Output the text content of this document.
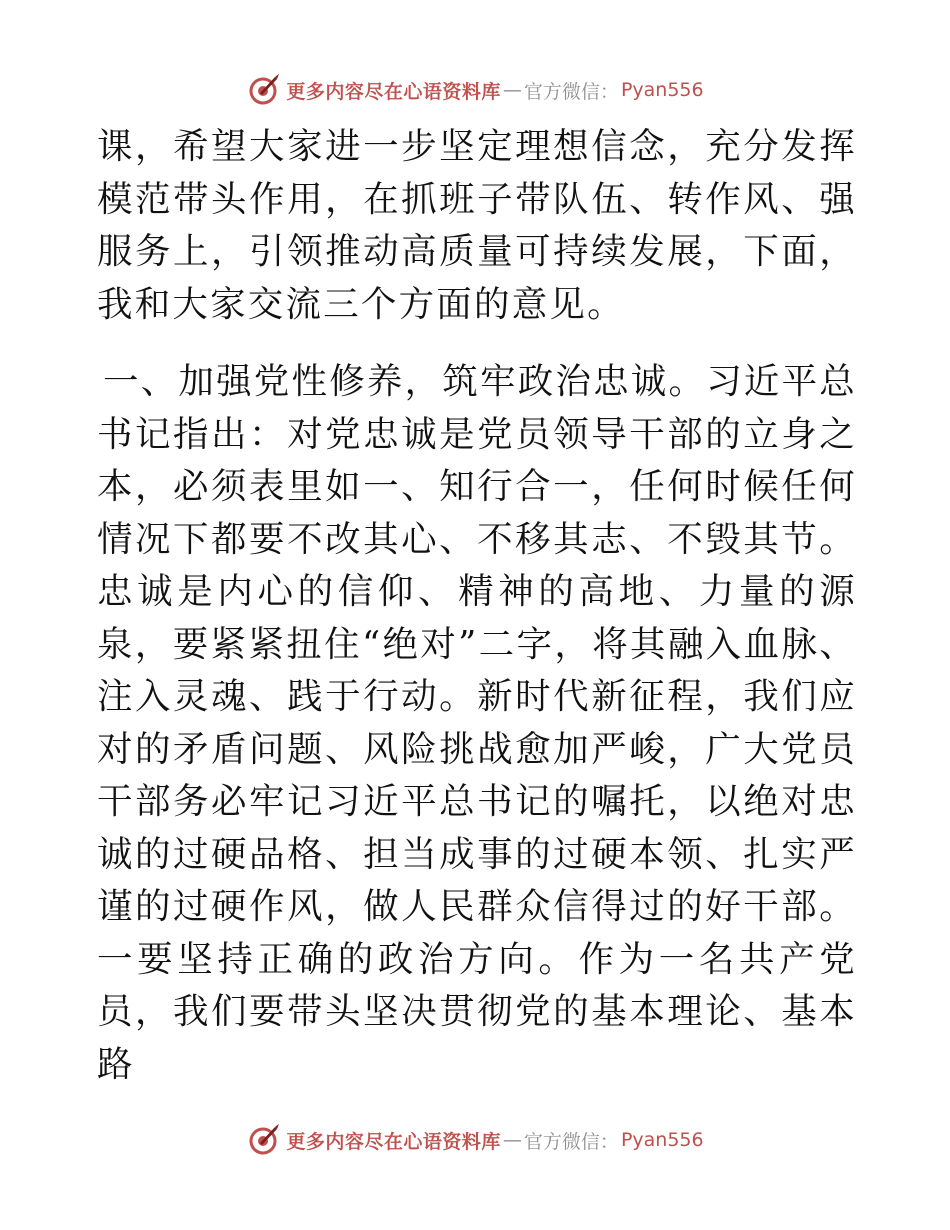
更多内容尽在心语资料库 — 官方微信： Pyan556

课，希望大家进一步坚定理想信念，充分发挥模范带头作用，在抓班子带队伍、转作风、强服务上，引领推动高质量可持续发展，下面，我和大家交流三个方面的意见。

一、加强党性修养，筑牢政治忠诚。习近平总书记指出：对党忠诚是党员领导干部的立身之本，必须表里如一、知行合一，任何时候任何情况下都要不改其心、不移其志、不毁其节。忠诚是内心的信仰、精神的高地、力量的源泉，要紧紧扭住“绝对”二字，将其融入血脉、注入灵魂、践于行动。新时代新征程，我们应对的矛盾问题、风险挑战愈加严峻，广大党员干部务必牢记习近平总书记的嘱托，以绝对忠诚的过硬品格、担当成事的过硬本领、扎实严谨的过硬作风，做人民群众信得过的好干部。一要坚持正确的政治方向。作为一名共产党员，我们要带头坚决贯彻党的基本理论、基本路

更多内容尽在心语资料库 — 官方微信： Pyan556
